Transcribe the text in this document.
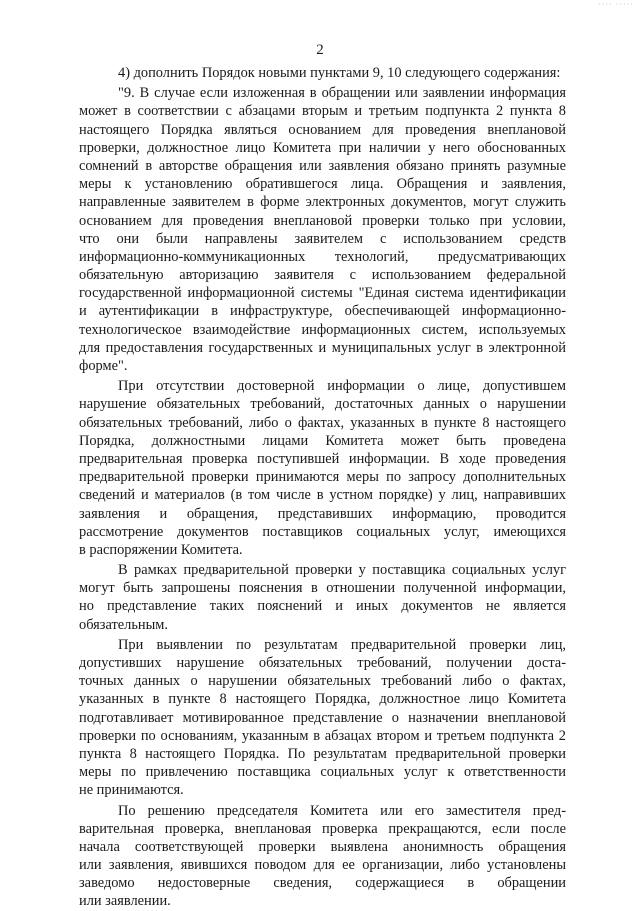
···· ·····
2
4) дополнить Порядок новыми пунктами 9, 10 следующего содержания:
"9. В случае если изложенная в обращении или заявлении информация
может в соответствии с абзацами вторым и третьим подпункта 2 пункта 8
настоящего Порядка являться основанием для проведения внеплановой
проверки, должностное лицо Комитета при наличии у него обоснованных
сомнений в авторстве обращения или заявления обязано принять разумные
меры к установлению обратившегося лица. Обращения и заявления,
направленные заявителем в форме электронных документов, могут служить
основанием для проведения внеплановой проверки только при условии,
что они были направлены заявителем с использованием средств
информационно-коммуникационных технологий, предусматривающих
обязательную авторизацию заявителя с использованием федеральной
государственной информационной системы "Единая система идентификации
и аутентификации в инфраструктуре, обеспечивающей информационно-
технологическое взаимодействие информационных систем, используемых
для предоставления государственных и муниципальных услуг в электронной
форме".
При отсутствии достоверной информации о лице, допустившем
нарушение обязательных требований, достаточных данных о нарушении
обязательных требований, либо о фактах, указанных в пункте 8 настоящего
Порядка, должностными лицами Комитета может быть проведена
предварительная проверка поступившей информации. В ходе проведения
предварительной проверки принимаются меры по запросу дополнительных
сведений и материалов (в том числе в устном порядке) у лиц, направивших
заявления и обращения, представивших информацию, проводится
рассмотрение документов поставщиков социальных услуг, имеющихся
в распоряжении Комитета.
В рамках предварительной проверки у поставщика социальных услуг
могут быть запрошены пояснения в отношении полученной информации,
но представление таких пояснений и иных документов не является
обязательным.
При выявлении по результатам предварительной проверки лиц,
допустивших нарушение обязательных требований, получении доста-
точных данных о нарушении обязательных требований либо о фактах,
указанных в пункте 8 настоящего Порядка, должностное лицо Комитета
подготавливает мотивированное представление о назначении внеплановой
проверки по основаниям, указанным в абзацах втором и третьем подпункта 2
пункта 8 настоящего Порядка. По результатам предварительной проверки
меры по привлечению поставщика социальных услуг к ответственности
не принимаются.
По решению председателя Комитета или его заместителя пред-
варительная проверка, внеплановая проверка прекращаются, если после
начала соответствующей проверки выявлена анонимность обращения
или заявления, явившихся поводом для ее организации, либо установлены
заведомо недостоверные сведения, содержащиеся в обращении
или заявлении.
